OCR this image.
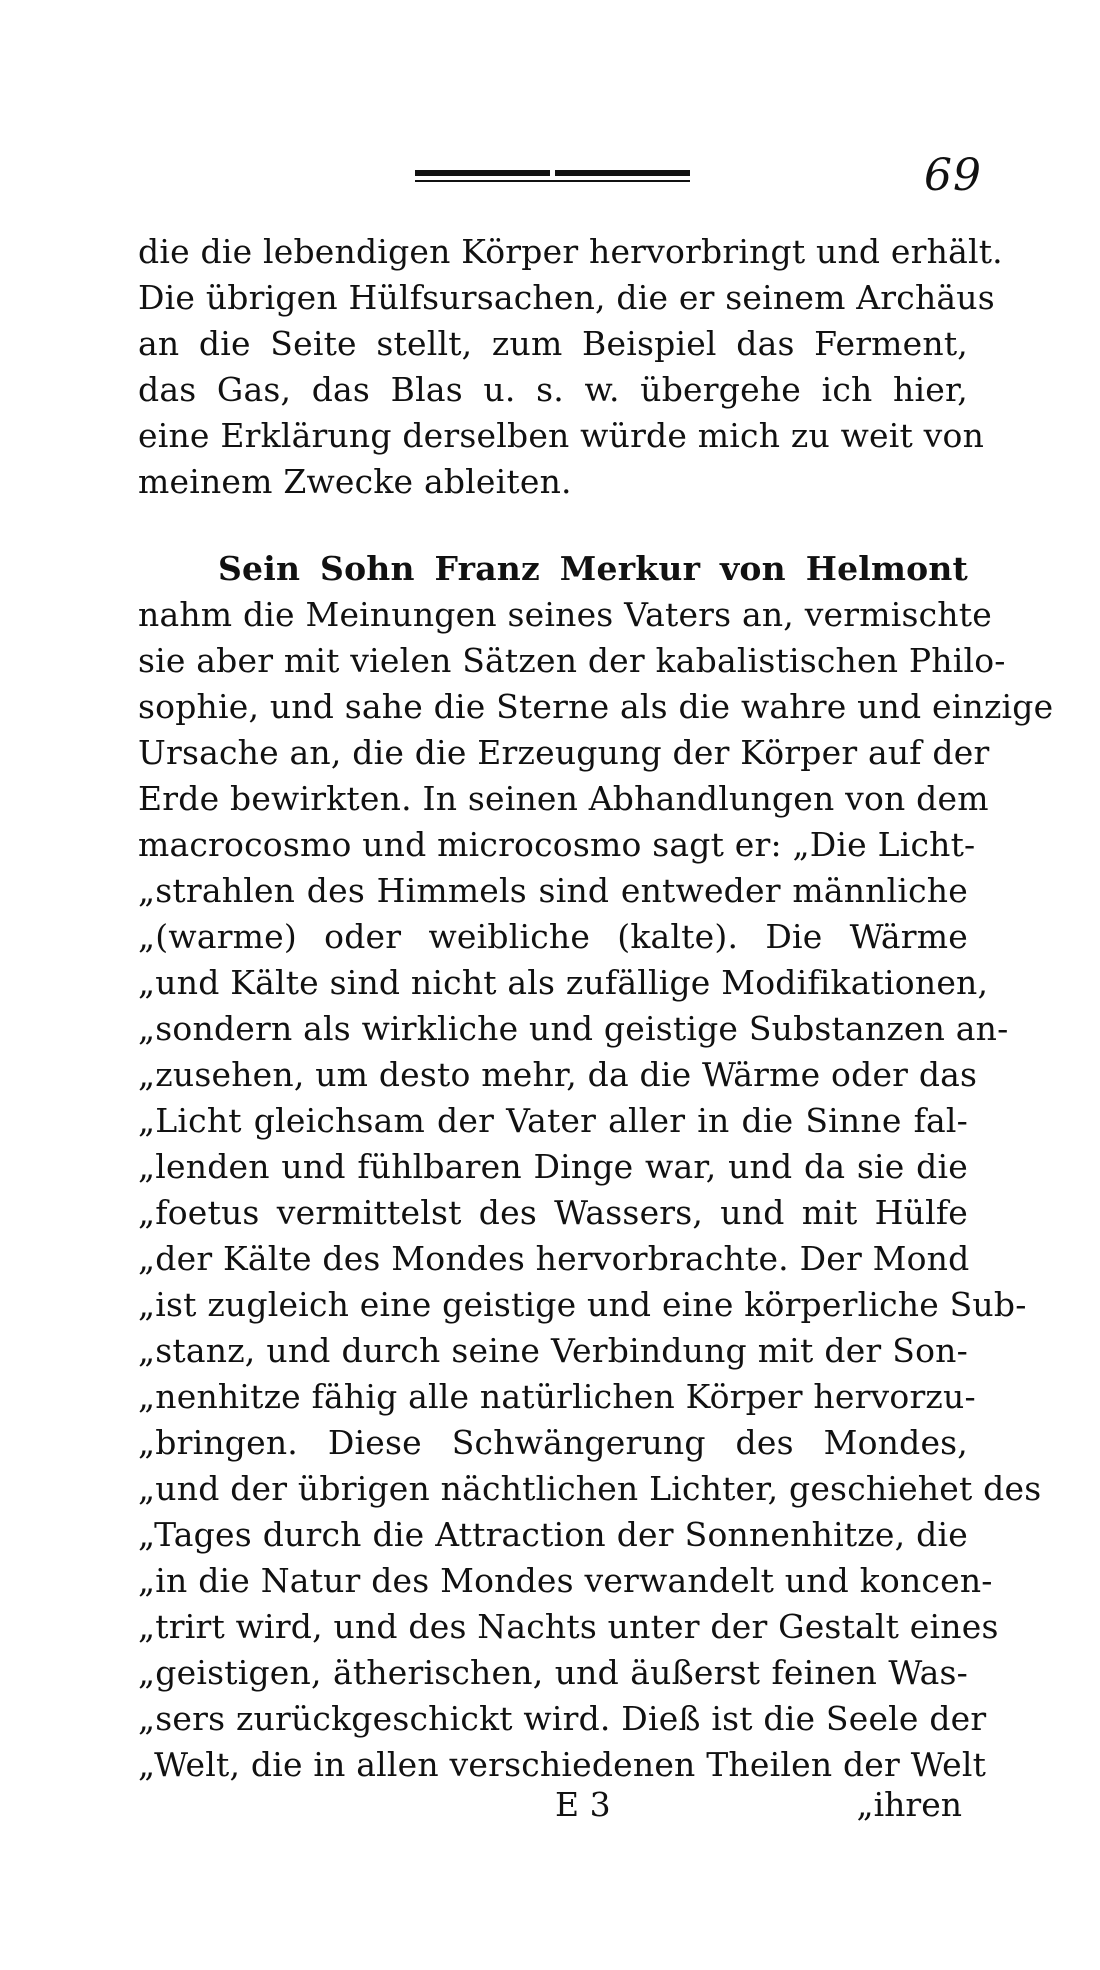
69
die die lebendigen Körper hervorbringt und erhält.
Die übrigen Hülfsursachen, die er seinem Archäus
an die Seite stellt, zum Beispiel das Ferment,
das Gas, das Blas u. s. w. übergehe ich hier,
eine Erklärung derselben würde mich zu weit von
meinem Zwecke ableiten.
Sein Sohn Franz Merkur von Helmont
nahm die Meinungen seines Vaters an, vermischte
sie aber mit vielen Sätzen der kabalistischen Philo-
sophie, und sahe die Sterne als die wahre und einzige
Ursache an, die die Erzeugung der Körper auf der
Erde bewirkten. In seinen Abhandlungen von dem
macrocosmo und microcosmo sagt er: „Die Licht-
„strahlen des Himmels sind entweder männliche
„(warme) oder weibliche (kalte). Die Wärme
„und Kälte sind nicht als zufällige Modifikationen,
„sondern als wirkliche und geistige Substanzen an-
„zusehen, um desto mehr, da die Wärme oder das
„Licht gleichsam der Vater aller in die Sinne fal-
„lenden und fühlbaren Dinge war, und da sie die
„foetus vermittelst des Wassers, und mit Hülfe
„der Kälte des Mondes hervorbrachte. Der Mond
„ist zugleich eine geistige und eine körperliche Sub-
„stanz, und durch seine Verbindung mit der Son-
„nenhitze fähig alle natürlichen Körper hervorzu-
„bringen. Diese Schwängerung des Mondes,
„und der übrigen nächtlichen Lichter, geschiehet des
„Tages durch die Attraction der Sonnenhitze, die
„in die Natur des Mondes verwandelt und koncen-
„trirt wird, und des Nachts unter der Gestalt eines
„geistigen, ätherischen, und äußerst feinen Was-
„sers zurückgeschickt wird. Dieß ist die Seele der
„Welt, die in allen verschiedenen Theilen der Welt
E 3	„ihren
